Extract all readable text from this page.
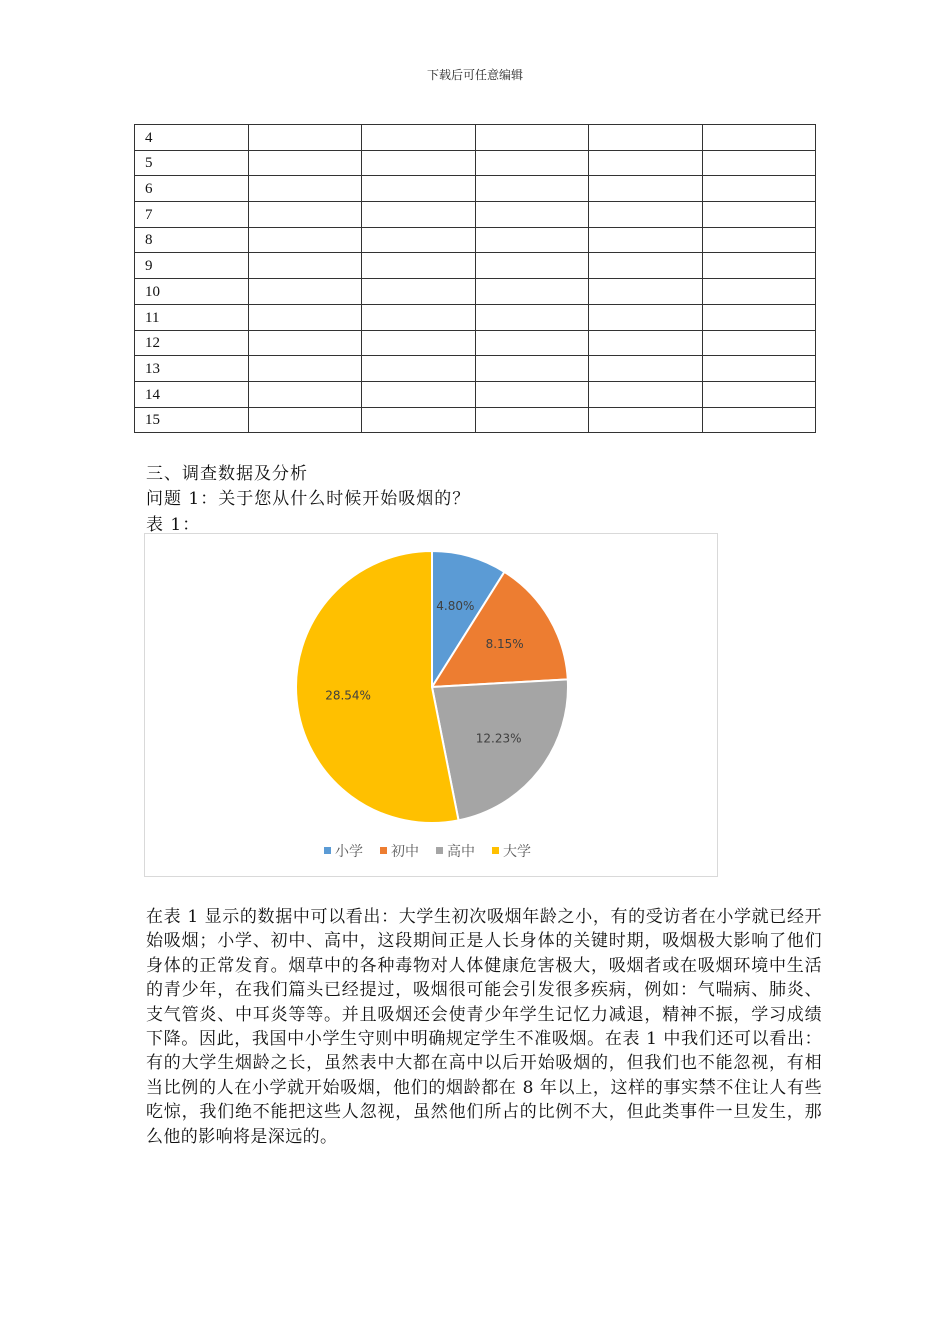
下载后可任意编辑
4					
5					
6					
7					
8					
9					
10					
11					
12					
13					
14					
15					
三、调查数据及分析
问题 1：关于您从什么时候开始吸烟的？
表 1：
4.80%
8.15%
12.23%
28.54%
小学 初中 高中 大学
在表 1 显示的数据中可以看出：大学生初次吸烟年龄之小，有的受访者在小学就已经开始吸烟；小学、初中、高中，这段期间正是人长身体的关键时期，吸烟极大影响了他们身体的正常发育。烟草中的各种毒物对人体健康危害极大，吸烟者或在吸烟环境中生活的青少年，在我们篇头已经提过，吸烟很可能会引发很多疾病，例如：气喘病、肺炎、支气管炎、中耳炎等等。并且吸烟还会使青少年学生记忆力减退，精神不振，学习成绩下降。因此，我国中小学生守则中明确规定学生不准吸烟。在表 1 中我们还可以看出：有的大学生烟龄之长，虽然表中大都在高中以后开始吸烟的，但我们也不能忽视，有相当比例的人在小学就开始吸烟，他们的烟龄都在 8 年以上，这样的事实禁不住让人有些吃惊，我们绝不能把这些人忽视，虽然他们所占的比例不大，但此类事件一旦发生，那么他的影响将是深远的。
